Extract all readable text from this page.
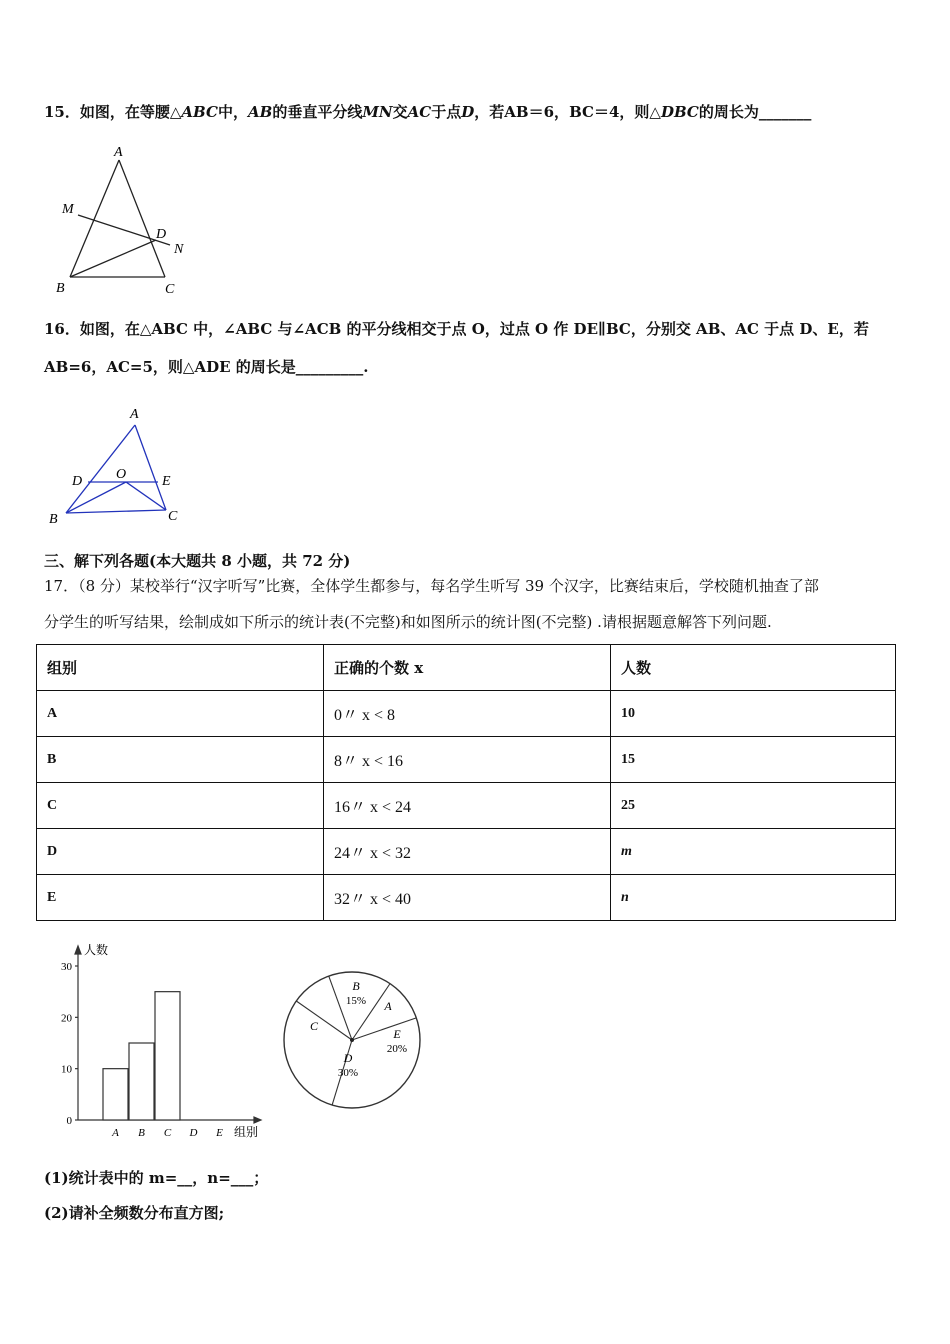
15．如图，在等腰△ABC中，AB的垂直平分线MN交AC于点D，若AB＝6，BC＝4，则△DBC的周长为_______
A
M
D
N
B	C
16．如图，在△ABC 中，∠ABC 与∠ACB 的平分线相交于点 O，过点 O 作 DE∥BC，分别交 AB、AC 于点 D、E，若
AB=6，AC=5，则△ADE 的周长是_________.
A
D O	E
B	C
三、解下列各题(本大题共 8 小题，共 72 分)
17．（8 分）某校举行“汉字听写”比赛，全体学生都参与，每名学生听写 39 个汉字，比赛结束后，学校随机抽查了部
分学生的听写结果，绘制成如下所示的统计表(不完整)和如图所示的统计图(不完整) .请根据题意解答下列问题.
组别	正确的个数 x	人数
A	0〃 x < 8	10
B	8〃 x < 16	15
C	16〃 x < 24	25
D	24〃 x < 32	m
E	32〃 x < 40	n
0
10
20
30
人数
A B C D E 组别
A
B
15%
C
D
30%
E
20%
(1)统计表中的 m=__，n=___；
(2)请补全频数分布直方图;
